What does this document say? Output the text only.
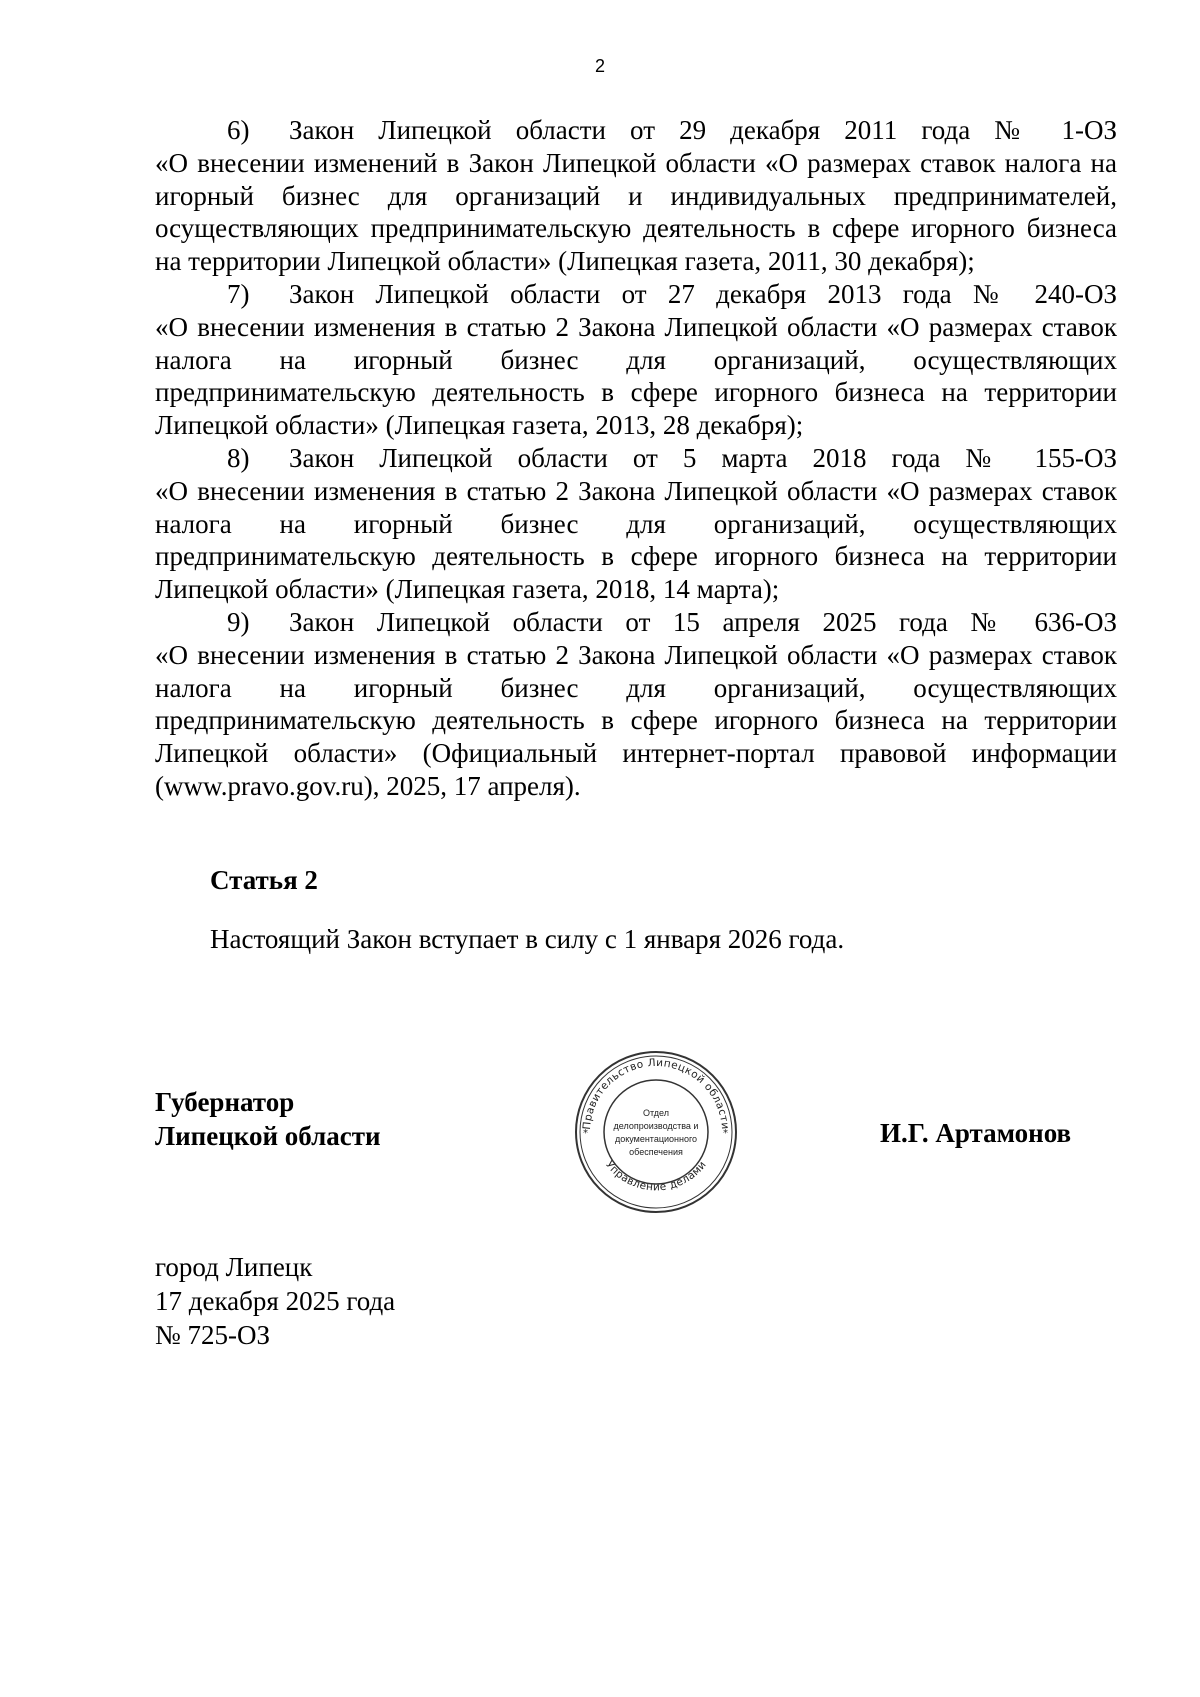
2
6)	Закон Липецкой области от 29 декабря 2011 года № 1-ОЗ

«О внесении изменений в Закон Липецкой области «О размерах ставок налога на игорный бизнес для организаций и индивидуальных предпринимателей, осуществляющих предпринимательскую деятельность в сфере игорного бизнеса на территории Липецкой области» (Липецкая газета, 2011, 30 декабря);

7)	Закон Липецкой области от 27 декабря 2013 года № 240-ОЗ

«О внесении изменения в статью 2 Закона Липецкой области «О размерах ставок налога на игорный бизнес для организаций, осуществляющих предпринимательскую деятельность в сфере игорного бизнеса на территории Липецкой области» (Липецкая газета, 2013, 28 декабря);

8)	Закон Липецкой области от 5 марта 2018 года № 155-ОЗ

«О внесении изменения в статью 2 Закона Липецкой области «О размерах ставок налога на игорный бизнес для организаций, осуществляющих предпринимательскую деятельность в сфере игорного бизнеса на территории Липецкой области» (Липецкая газета, 2018, 14 марта);

9)	Закон Липецкой области от 15 апреля 2025 года № 636-ОЗ

«О внесении изменения в статью 2 Закона Липецкой области «О размерах ставок налога на игорный бизнес для организаций, осуществляющих предпринимательскую деятельность в сфере игорного бизнеса на территории Липецкой области» (Официальный интернет-портал правовой информации (www.pravo.gov.ru), 2025, 17 апреля).

Статья 2
Настоящий Закон вступает в силу с 1 января 2026 года.
Губернатор
Липецкой области	Правительство Липецкой области
Управление делами
*	*
Отдел
делопроизводства и
документационного
обеспечения
И.Г. Артамонов
город Липецк
17 декабря 2025 года
№ 725-ОЗ
